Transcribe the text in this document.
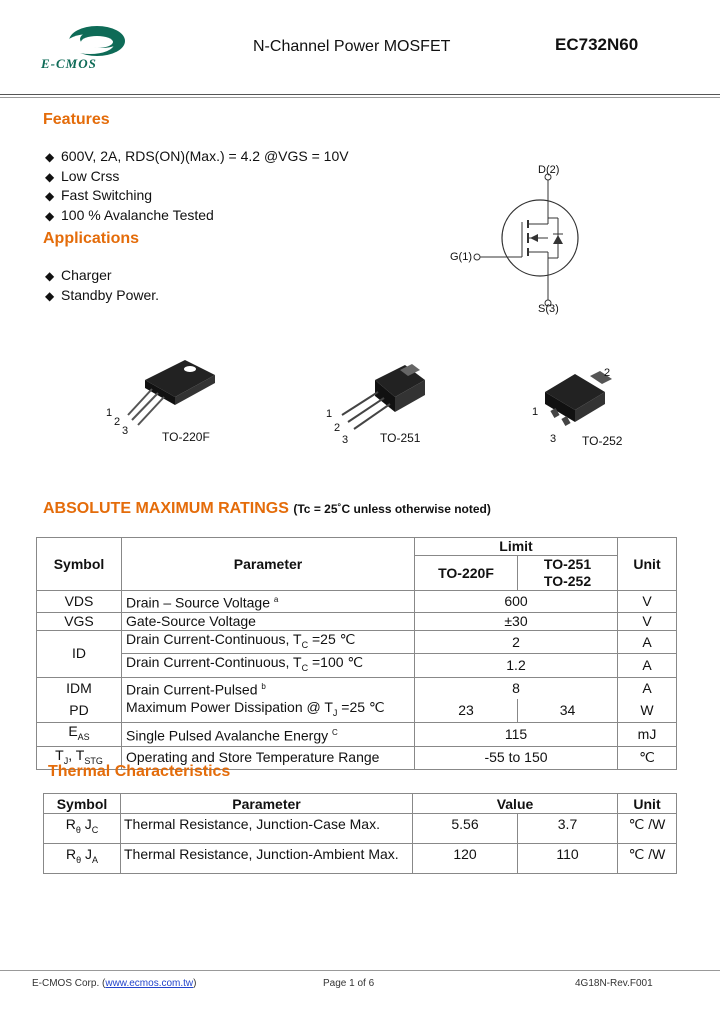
E-CMOS
N-Channel Power MOSFET	EC732N60
Features
◆ 600V, 2A, RDS(ON)(Max.) = 4.2 @VGS = 10V
◆ Low Crss
◆ Fast Switching
◆ 100 % Avalanche Tested
Applications
◆ Charger
◆ Standby Power.
D(2)
G(1)
S(3)
1
2
3	TO-220F
1
2
3	TO-251
2
1
3 TO-252
ABSOLUTE MAXIMUM RATINGS (Tc = 25˚C unless otherwise noted)
Symbol	Parameter	Limit		Unit
		TO-220F	TO-251	
			TO-252	
VDS	Drain – Source Voltage $^a$	600		V
VGS	Gate-Source Voltage	±30		V
ID	Drain Current-Continuous, $T_C =25$ ℃	2		A
	Drain Current-Continuous, $T_C =100$ ℃	1.2		A
IDM	Drain Current-Pulsed $^b$	8		A
PD	Maximum Power Dissipation @ $T_J =25$ ℃	23	34	W
$E_{AS}$	Single Pulsed Avalanche Energy $^C$	115		mJ
$T_J$, $T_{STG}$	Operating and Store Temperature Range	-55 to 150		℃
Thermal Characteristics
Symbol	Parameter	Value		Unit
$R_\theta$ $J_C$	Thermal Resistance, Junction-Case Max.	5.56	3.7	℃ /W
$R_\theta$ $J_A$	Thermal Resistance, Junction-Ambient Max.	120	110	℃ /W
E-CMOS Corp. (www.ecmos.com.tw)	Page 1 of 6	4G18N-Rev.F001
